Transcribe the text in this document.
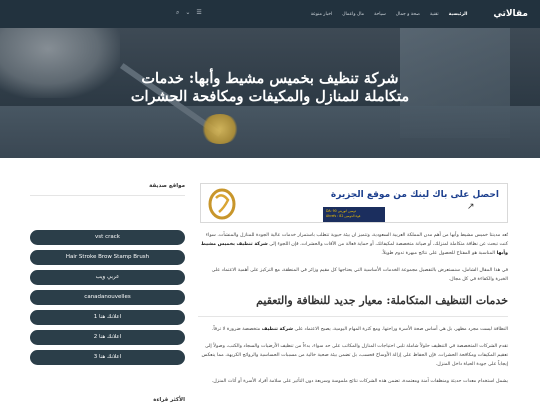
مقالاتي
الرئيسية
تقنية
صحة و جمال
سياحة
مال واعمال
اخبار منوعة
☰
⌄
⌕
شركة تنظيف بخميس مشيط وأبها: خدمات
متكاملة للمنازل والمكيفات ومكافحة الحشرات
مواقع صديقة
vst crack
Hair Stroke Brow Stamp Brush
عربي ويب
canadanouvelles
اعلانك هنا 1
اعلانك هنا 2
اعلانك هنا 3
الأكثر قراءة
احصل على باك لينك من موقع الجزيرة
DA: 90 دومين اتوريتي
Ahrefs : 82 قوة الدومين
↗

تُعد مدينتا خميس مشيط وأبها من أهم مدن المملكة العربية السعودية، وتتميز ان بيئة حيوية تتطلب باستمرار خدمات عالية الجودة للمنازل والمنشآت. سواء كنت تبحث عن نظافة متكاملة لمنزلك، أو صيانة متخصصة لمكيفاتك، أو حماية فعالة من الآفات والحشرات، فإن اللجوء إلى شركة تنظيف بخميس مشيط وأبها المناسبة هو المفتاح للحصول على نتائج مبهرة تدوم طويلاً.

في هذا المقال الشامل، سنستعرض بالتفصيل مجموعة الخدمات الأساسية التي يحتاجها كل مقيم وزائر في المنطقة، مع التركيز على أهمية الاعتماد على الخبرة والكفاءة في كل مجال.

خدمات التنظيف المتكاملة: معيار جديد للنظافة والتعقيم

النظافة ليست مجرد مظهر، بل هي أساس صحة الأسرة وراحتها. ومع كثرة المهام اليومية، يصبح الاعتماد على شركة تنظيف متخصصة ضرورة لا ترفاً.

تقدم الشركات المتخصصة في التنظيف حلولاً شاملة تلبي احتياجات المنازل والمكاتب على حد سواء، بدءاً من تنظيف الأرضيات والسجاد والكنب، وصولاً إلى تعقيم المكيفات ومكافحة الحشرات. فإن الحفاظ على إزالة الأوساخ فحسب، بل تضمن بيئة صحية خالية من مسببات الحساسية والروائح الكريهة، مما ينعكس إيجاباً على جودة الحياة داخل المنزل.

يشمل استخدام معدات حديثة ومنظفات آمنة ومعتمدة، تضمن هذه الشركات نتائج ملموسة وسريعة دون التأثير على سلامة أفراد الأسرة أو أثاث المنزل.
